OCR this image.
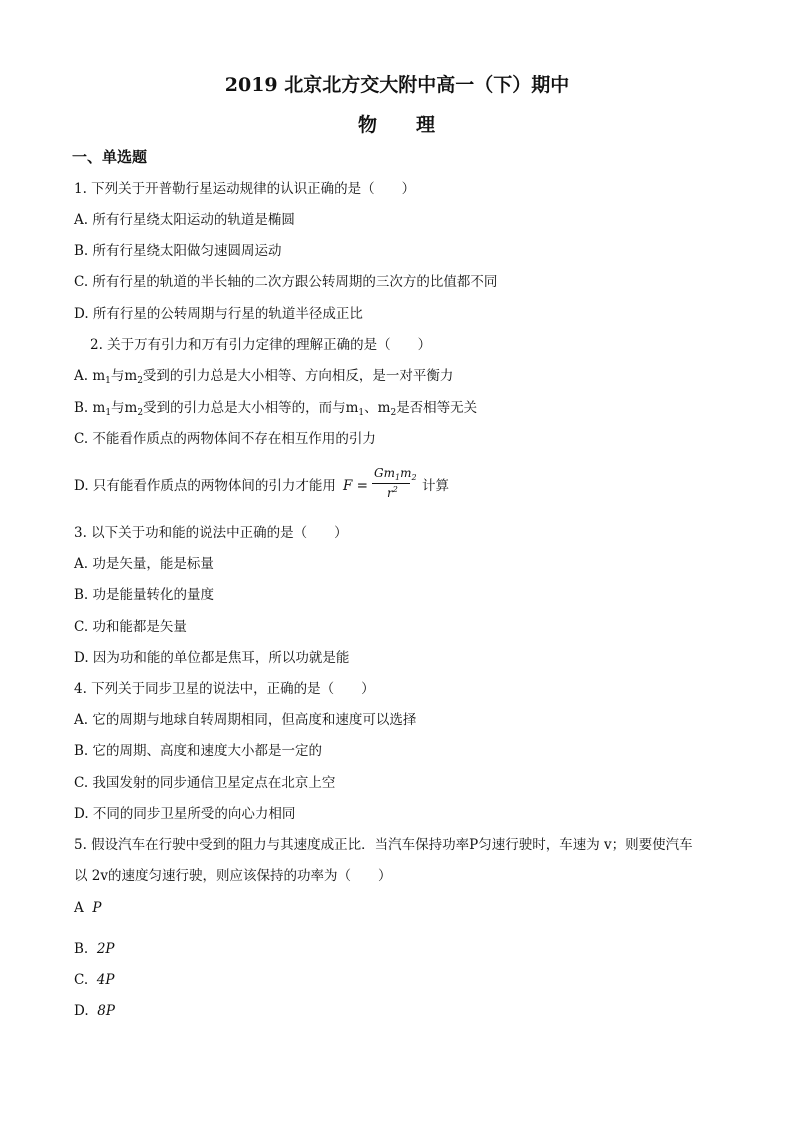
2019 北京北方交大附中高一（下）期中
物 理
一、单选题
1. 下列关于开普勒行星运动规律的认识正确的是（　　）
A. 所有行星绕太阳运动的轨道是椭圆
B. 所有行星绕太阳做匀速圆周运动
C. 所有行星的轨道的半长轴的二次方跟公转周期的三次方的比值都不同
D. 所有行星的公转周期与行星的轨道半径成正比
2. 关于万有引力和万有引力定律的理解正确的是（　　）
A. $m_1$与$m_2$受到的引力总是大小相等、方向相反，是一对平衡力
B. $m_1$与$m_2$受到的引力总是大小相等的，而与$m_1$、$m_2$是否相等无关
C. 不能看作质点的两物体间不存在相互作用的引力
D. 只有能看作质点的两物体间的引力才能用 F =
$Gm_1m_2$
$r^2$ 计算
3. 以下关于功和能的说法中正确的是（　　）
A. 功是矢量，能是标量
B. 功是能量转化的量度
C. 功和能都是矢量
D. 因为功和能的单位都是焦耳，所以功就是能
4. 下列关于同步卫星的说法中，正确的是（　　）
A. 它的周期与地球自转周期相同，但高度和速度可以选择
B. 它的周期、高度和速度大小都是一定的
C. 我国发射的同步通信卫星定点在北京上空
D. 不同的同步卫星所受的向心力相同
5. 假设汽车在行驶中受到的阻力与其速度成正比．当汽车保持功率P匀速行驶时，车速为 v；则要使汽车
以 2v的速度匀速行驶，则应该保持的功率为（　　）
A P
B. 2P
C. 4P
D. 8P
